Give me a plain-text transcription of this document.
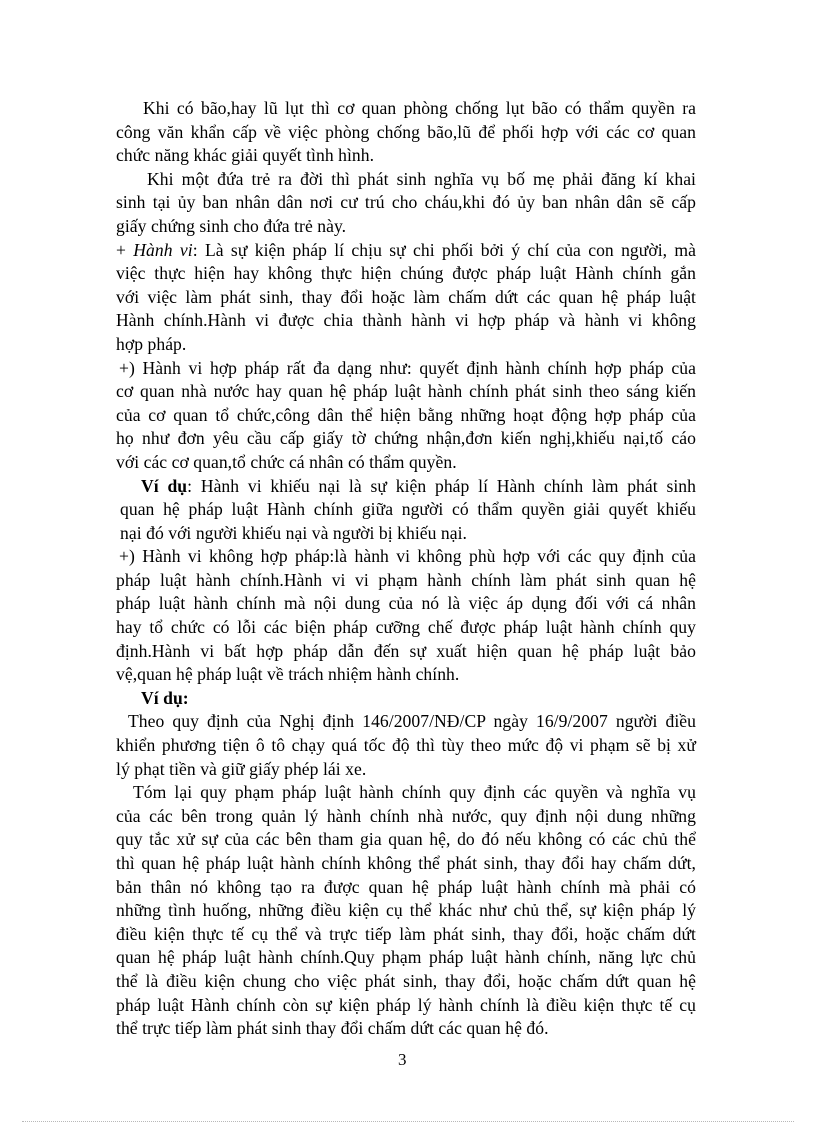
Khi có bão,hay lũ lụt thì cơ quan phòng chống lụt bão có thẩm quyền ra
công văn khẩn cấp về việc phòng chống bão,lũ để phối hợp với các cơ quan
chức năng khác giải quyết tình hình.
Khi một đứa trẻ ra đời thì phát sinh nghĩa vụ bố mẹ phải đăng kí khai
sinh tại ủy ban nhân dân nơi cư trú cho cháu,khi đó ủy ban nhân dân sẽ cấp
giấy chứng sinh cho đứa trẻ này.
+ Hành vi: Là sự kiện pháp lí chịu sự chi phối bởi ý chí của con người, mà
việc thực hiện hay không thực hiện chúng được pháp luật Hành chính gắn
với việc làm phát sinh, thay đổi hoặc làm chấm dứt các quan hệ pháp luật
Hành chính.Hành vi được chia thành hành vi hợp pháp và hành vi không
hợp pháp.
+) Hành vi hợp pháp rất đa dạng như: quyết định hành chính hợp pháp của
cơ quan nhà nước hay quan hệ pháp luật hành chính phát sinh theo sáng kiến
của cơ quan tổ chức,công dân thể hiện bằng những hoạt động hợp pháp của
họ như đơn yêu cầu cấp giấy tờ chứng nhận,đơn kiến nghị,khiếu nại,tố cáo
với các cơ quan,tổ chức cá nhân có thẩm quyền.
Ví dụ: Hành vi khiếu nại là sự kiện pháp lí Hành chính làm phát sinh
quan hệ pháp luật Hành chính giữa người có thẩm quyền giải quyết khiếu
nại đó với người khiếu nại và người bị khiếu nại.
+) Hành vi không hợp pháp:là hành vi không phù hợp với các quy định của
pháp luật hành chính.Hành vi vi phạm hành chính làm phát sinh quan hệ
pháp luật hành chính mà nội dung của nó là việc áp dụng đối với cá nhân
hay tổ chức có lỗi các biện pháp cưỡng chế được pháp luật hành chính quy
định.Hành vi bất hợp pháp dẫn đến sự xuất hiện quan hệ pháp luật bảo
vệ,quan hệ pháp luật về trách nhiệm hành chính.
Ví dụ:
Theo quy định của Nghị định 146/2007/NĐ/CP ngày 16/9/2007 người điều
khiển phương tiện ô tô chạy quá tốc độ thì tùy theo mức độ vi phạm sẽ bị xử
lý phạt tiền và giữ giấy phép lái xe.
Tóm lại quy phạm pháp luật hành chính quy định các quyền và nghĩa vụ
của các bên trong quản lý hành chính nhà nước, quy định nội dung những
quy tắc xử sự của các bên tham gia quan hệ, do đó nếu không có các chủ thể
thì quan hệ pháp luật hành chính không thể phát sinh, thay đổi hay chấm dứt,
bản thân nó không tạo ra được quan hệ pháp luật hành chính mà phải có
những tình huống, những điều kiện cụ thể khác như chủ thể, sự kiện pháp lý
điều kiện thực tế cụ thể và trực tiếp làm phát sinh, thay đổi, hoặc chấm dứt
quan hệ pháp luật hành chính.Quy phạm pháp luật hành chính, năng lực chủ
thể là điều kiện chung cho việc phát sinh, thay đổi, hoặc chấm dứt quan hệ
pháp luật Hành chính còn sự kiện pháp lý hành chính là điều kiện thực tế cụ
thể trực tiếp làm phát sinh thay đổi chấm dứt các quan hệ đó.
3
